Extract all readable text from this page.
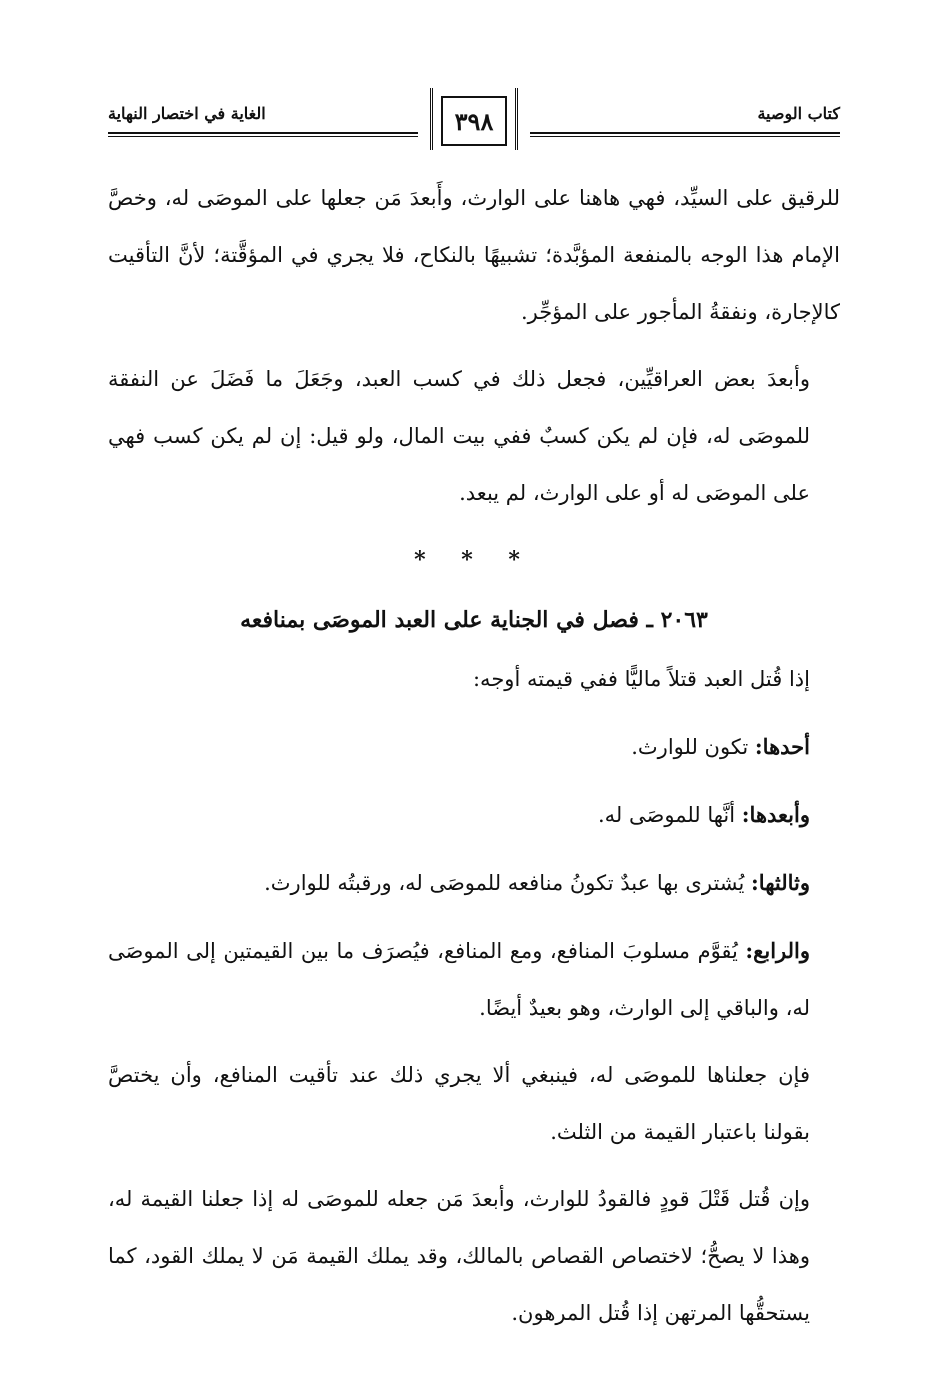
كتاب الوصية
الغاية في اختصار النهاية	٣٩٨

للرقيق على السيِّد، فهي هاهنا على الوارث، وأَبعدَ مَن جعلها على الموصَى له، وخصَّ الإمام هذا الوجه بالمنفعة المؤبَّدة؛ تشبيهًا بالنكاح، فلا يجري في المؤقَّتة؛ لأنَّ التأقيت كالإجارة، ونفقةُ المأجور على المؤجِّر.

وأبعدَ بعض العراقيِّين، فجعل ذلك في كسب العبد، وجَعَلَ ما فَضَلَ عن النفقة للموصَى له، فإن لم يكن كسبٌ ففي بيت المال، ولو قيل: إن لم يكن كسب فهي على الموصَى له أو على الوارث، لم يبعد.

* * *
٢٠٦٣ ـ فصل في الجناية على العبد الموصَى بمنافعه

إذا قُتل العبد قتلاً ماليًّا ففي قيمته أوجه:

أحدها: تكون للوارث.

وأبعدها: أنَّها للموصَى له.

وثالثها: يُشترى بها عبدٌ تكونُ منافعه للموصَى له، ورقبتُه للوارث.

والرابع: يُقوَّم مسلوبَ المنافع، ومع المنافع، فيُصرَف ما بين القيمتين إلى الموصَى له، والباقي إلى الوارث، وهو بعيدٌ أيضًا.

فإن جعلناها للموصَى له، فينبغي ألا يجري ذلك عند تأقيت المنافع، وأن يختصَّ بقولنا باعتبار القيمة من الثلث.

وإن قُتل قَتْلَ قودٍ فالقودُ للوارث، وأبعدَ مَن جعله للموصَى له إذا جعلنا القيمة له، وهذا لا يصحُّ؛ لاختصاص القصاص بالمالك، وقد يملك القيمة مَن لا يملك القود، كما يستحقُّها المرتهن إذا قُتل المرهون.
